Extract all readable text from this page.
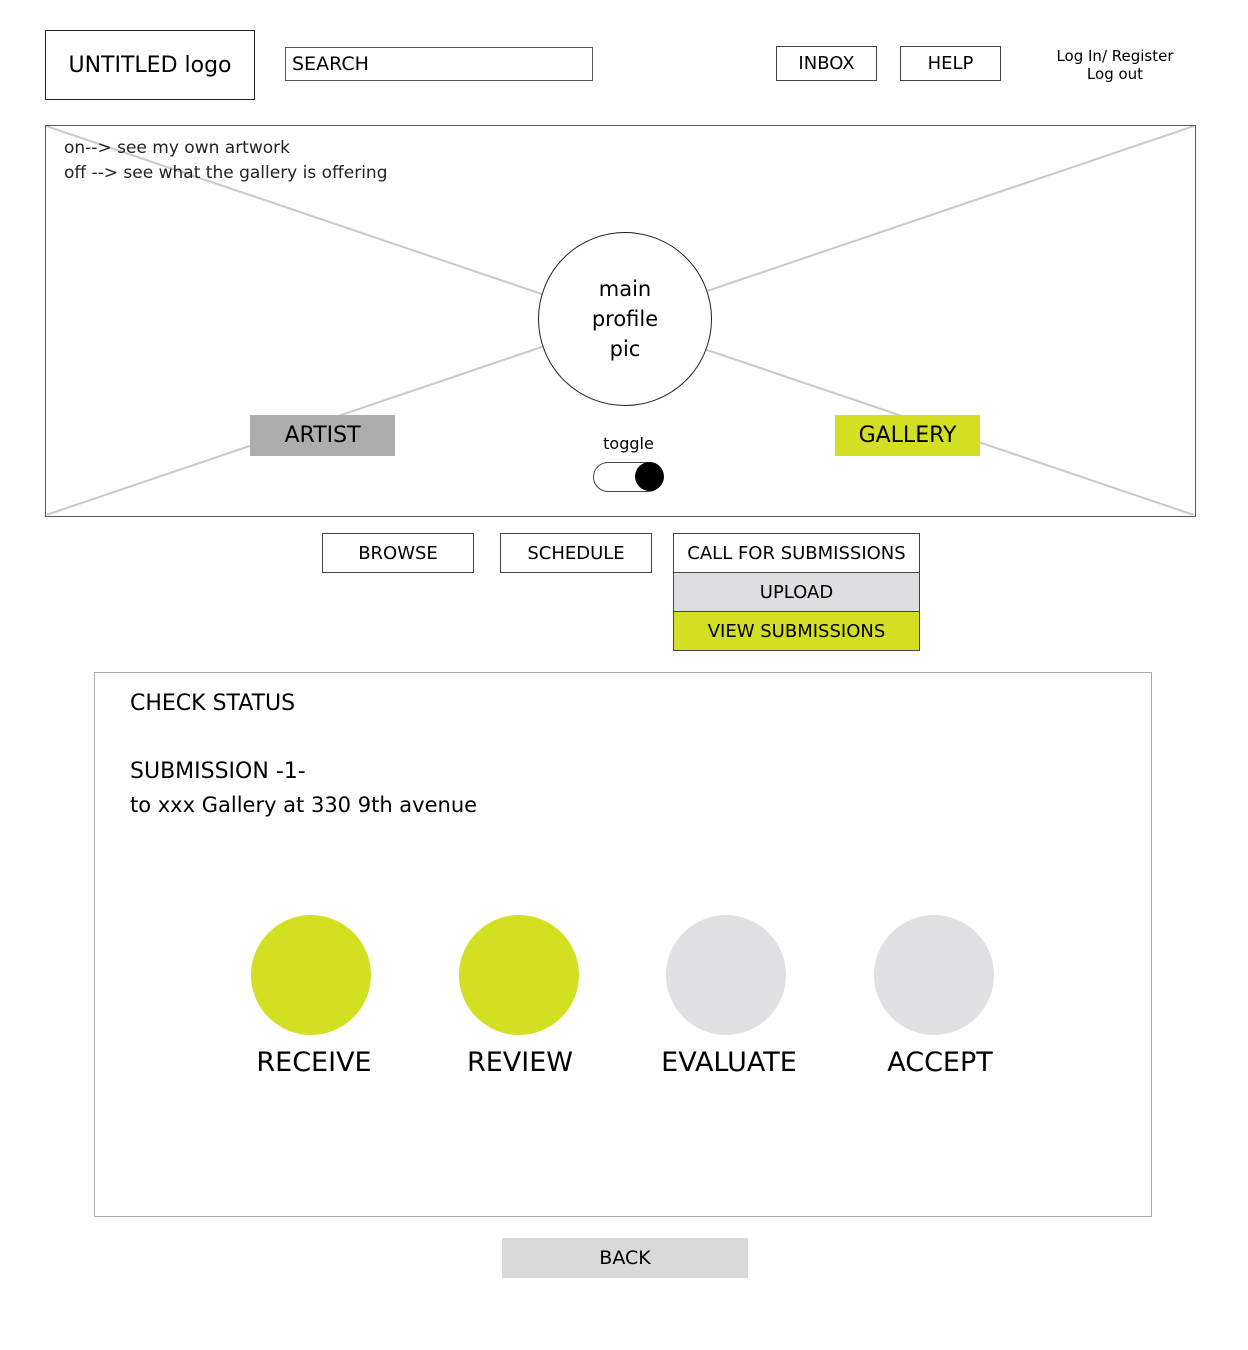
UNTITLED logo
SEARCH	INBOX	HELP	Log In/ Register
Log out
on--> see my own artwork
off --> see what the gallery is offering
main
profile
pic
ARTIST	toggle	GALLERY
BROWSE	SCHEDULE	CALL FOR SUBMISSIONS
UPLOAD
VIEW SUBMISSIONS
CHECK STATUS
SUBMISSION -1-
to xxx Gallery at 330 9th avenue
RECEIVE	REVIEW	EVALUATE	ACCEPT
BACK
